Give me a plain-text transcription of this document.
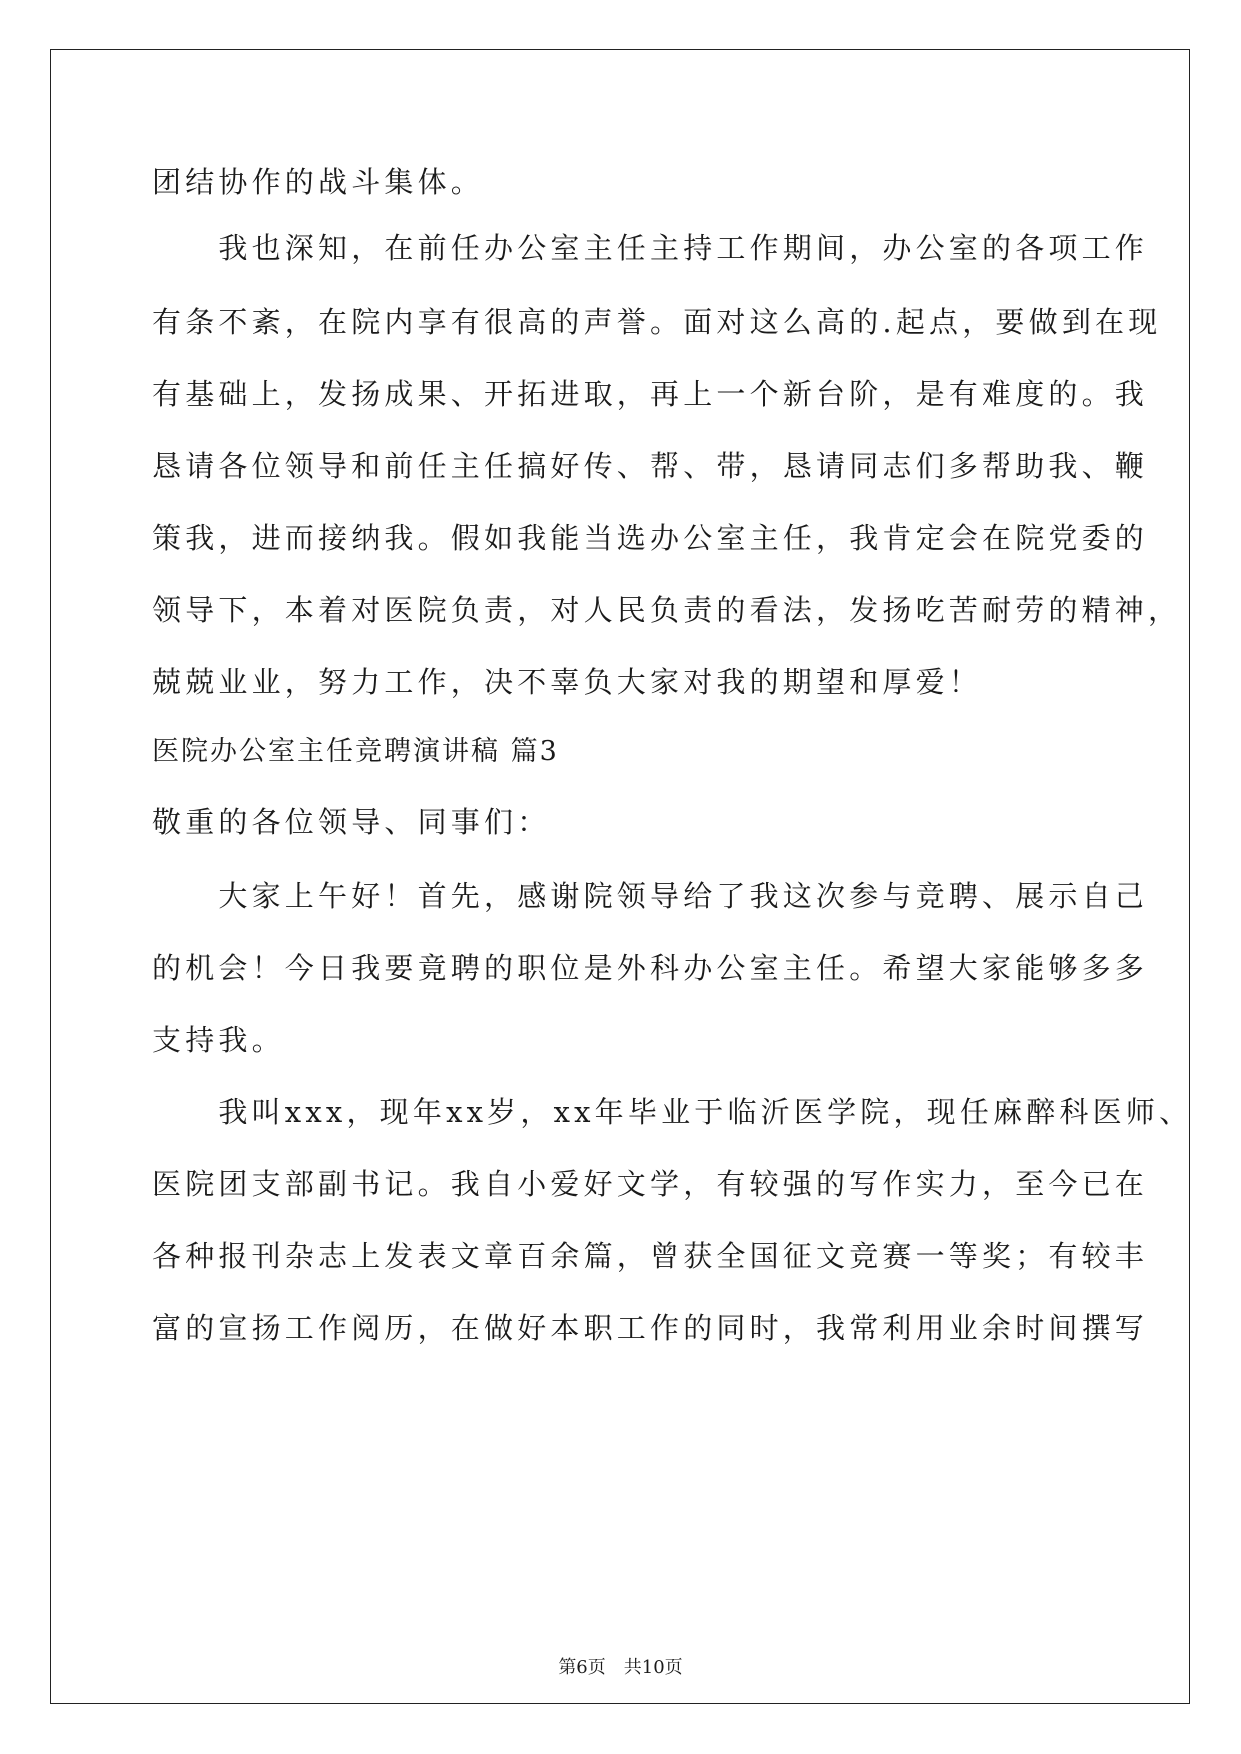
团结协作的战斗集体。
　　我也深知，在前任办公室主任主持工作期间，办公室的各项工作
有条不紊，在院内享有很高的声誉。面对这么高的.起点，要做到在现
有基础上，发扬成果、开拓进取，再上一个新台阶，是有难度的。我
恳请各位领导和前任主任搞好传、帮、带，恳请同志们多帮助我、鞭
策我，进而接纳我。假如我能当选办公室主任，我肯定会在院党委的
领导下，本着对医院负责，对人民负责的看法，发扬吃苦耐劳的精神，
兢兢业业，努力工作，决不辜负大家对我的期望和厚爱！
医院办公室主任竞聘演讲稿 篇3
敬重的各位领导、同事们：
　　大家上午好！首先，感谢院领导给了我这次参与竞聘、展示自己
的机会！今日我要竟聘的职位是外科办公室主任。希望大家能够多多
支持我。
　　我叫xxx，现年xx岁，xx年毕业于临沂医学院，现任麻醉科医师、
医院团支部副书记。我自小爱好文学，有较强的写作实力，至今已在
各种报刊杂志上发表文章百余篇，曾获全国征文竞赛一等奖；有较丰
富的宣扬工作阅历，在做好本职工作的同时，我常利用业余时间撰写
第6页 共10页
